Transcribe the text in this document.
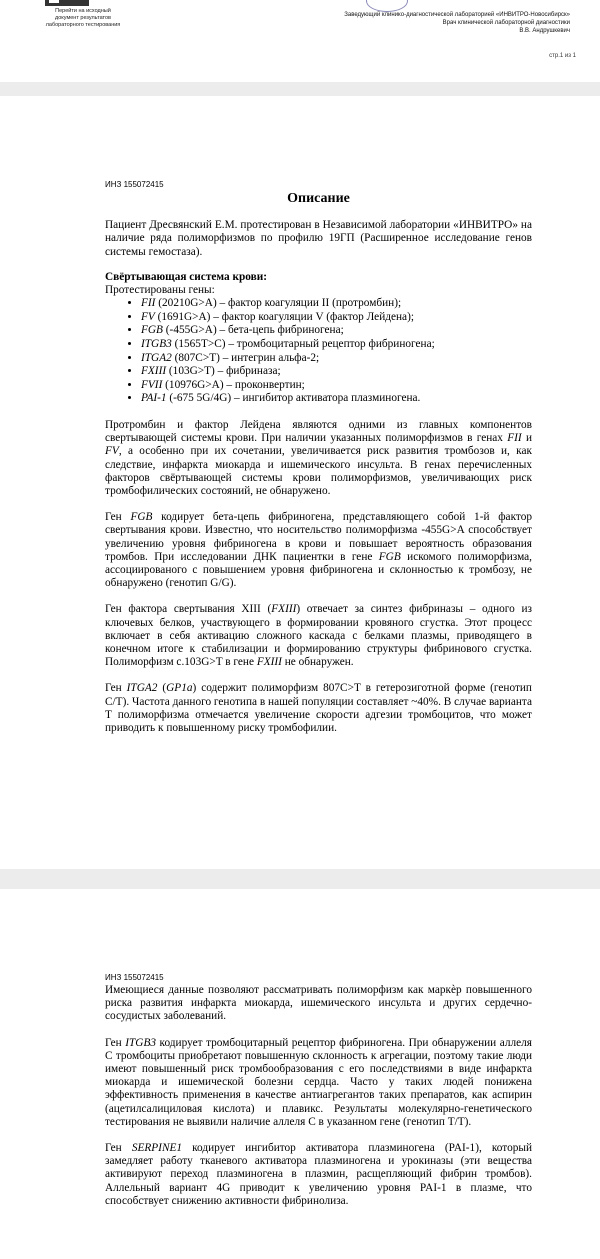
Перейти на исходный
документ результатов
лабораторного тестирования
Заведующий клинико-диагностической лабораторией «ИНВИТРО-Новосибирск»
Врач клинической лабораторной диагностики
В.В. Андрушкевич
стр.1 из 1
ИНЗ 155072415
Описание

Пациент Дресвянский Е.М. протестирован в Независимой лаборатории «ИНВИТРО» на наличие ряда полиморфизмов по профилю 19ГП (Расширенное исследование генов системы гемостаза).

Свёртывающая система крови:
Протестированы гены:
• FII (20210G>A) – фактор коагуляции II (протромбин);
• FV (1691G>A) – фактор коагуляции V (фактор Лейдена);
• FGB (-455G>A) – бета-цепь фибриногена;
• ITGB3 (1565T>C) – тромбоцитарный рецептор фибриногена;
• ITGA2 (807C>T) – интегрин альфа-2;
• FXIII (103G>T) – фибриназа;
• FVII (10976G>A) – проконвертин;
• PAI-1 (-675 5G/4G) – ингибитор активатора плазминогена.

Протромбин и фактор Лейдена являются одними из главных компонентов свертывающей системы крови. При наличии указанных полиморфизмов в генах FII и FV, а особенно при их сочетании, увеличивается риск развития тромбозов и, как следствие, инфаркта миокарда и ишемического инсульта. В генах перечисленных факторов свёртывающей системы крови полиморфизмов, увеличивающих риск тромбофилических состояний, не обнаружено.

Ген FGB кодирует бета-цепь фибриногена, представляющего собой 1-й фактор свертывания крови. Известно, что носительство полиморфизма -455G>A способствует увеличению уровня фибриногена в крови и повышает вероятность образования тромбов. При исследовании ДНК пациентки в гене FGB искомого полиморфизма, ассоциированого с повышением уровня фибриногена и склонностью к тромбозу, не обнаружено (генотип G/G).

Ген фактора свертывания XIII (FXIII) отвечает за синтез фибриназы – одного из ключевых белков, участвующего в формировании кровяного сгустка. Этот процесс включает в себя активацию сложного каскада с белками плазмы, приводящего в конечном итоге к стабилизации и формированию структуры фибринового сгустка. Полиморфизм с.103G>T в гене FXIII не обнаружен.

Ген ITGA2 (GP1a) содержит полиморфизм 807C>T в гетерозиготной форме (генотип C/T). Частота данного генотипа в нашей популяции составляет ~40%. В случае варианта T полиморфизма отмечается увеличение скорости адгезии тромбоцитов, что может приводить к повышенному риску тромбофилии.

ИНЗ 155072415

Имеющиеся данные позволяют рассматривать полиморфизм как маркѐр повышенного риска развития инфаркта миокарда, ишемического инсульта и других сердечно-сосудистых заболеваний.

Ген ITGB3 кодирует тромбоцитарный рецептор фибриногена. При обнаружении аллеля C тромбоциты приобретают повышенную склонность к агрегации, поэтому такие люди имеют повышенный риск тромбообразования с его последствиями в виде инфаркта миокарда и ишемической болезни сердца. Часто у таких людей понижена эффективность применения в качестве антиагрегантов таких препаратов, как аспирин (ацетилсалициловая кислота) и плавикс. Результаты молекулярно-генетического тестирования не выявили наличие аллеля C в указанном гене (генотип T/T).

Ген SERPINE1 кодирует ингибитор активатора плазминогена (PAI-1), который замедляет работу тканевого активатора плазминогена и урокиназы (эти вещества активируют переход плазминогена в плазмин, расщепляющий фибрин тромбов). Аллельный вариант 4G приводит к увеличению уровня PAI-1 в плазме, что способствует снижению активности фибринолиза.
